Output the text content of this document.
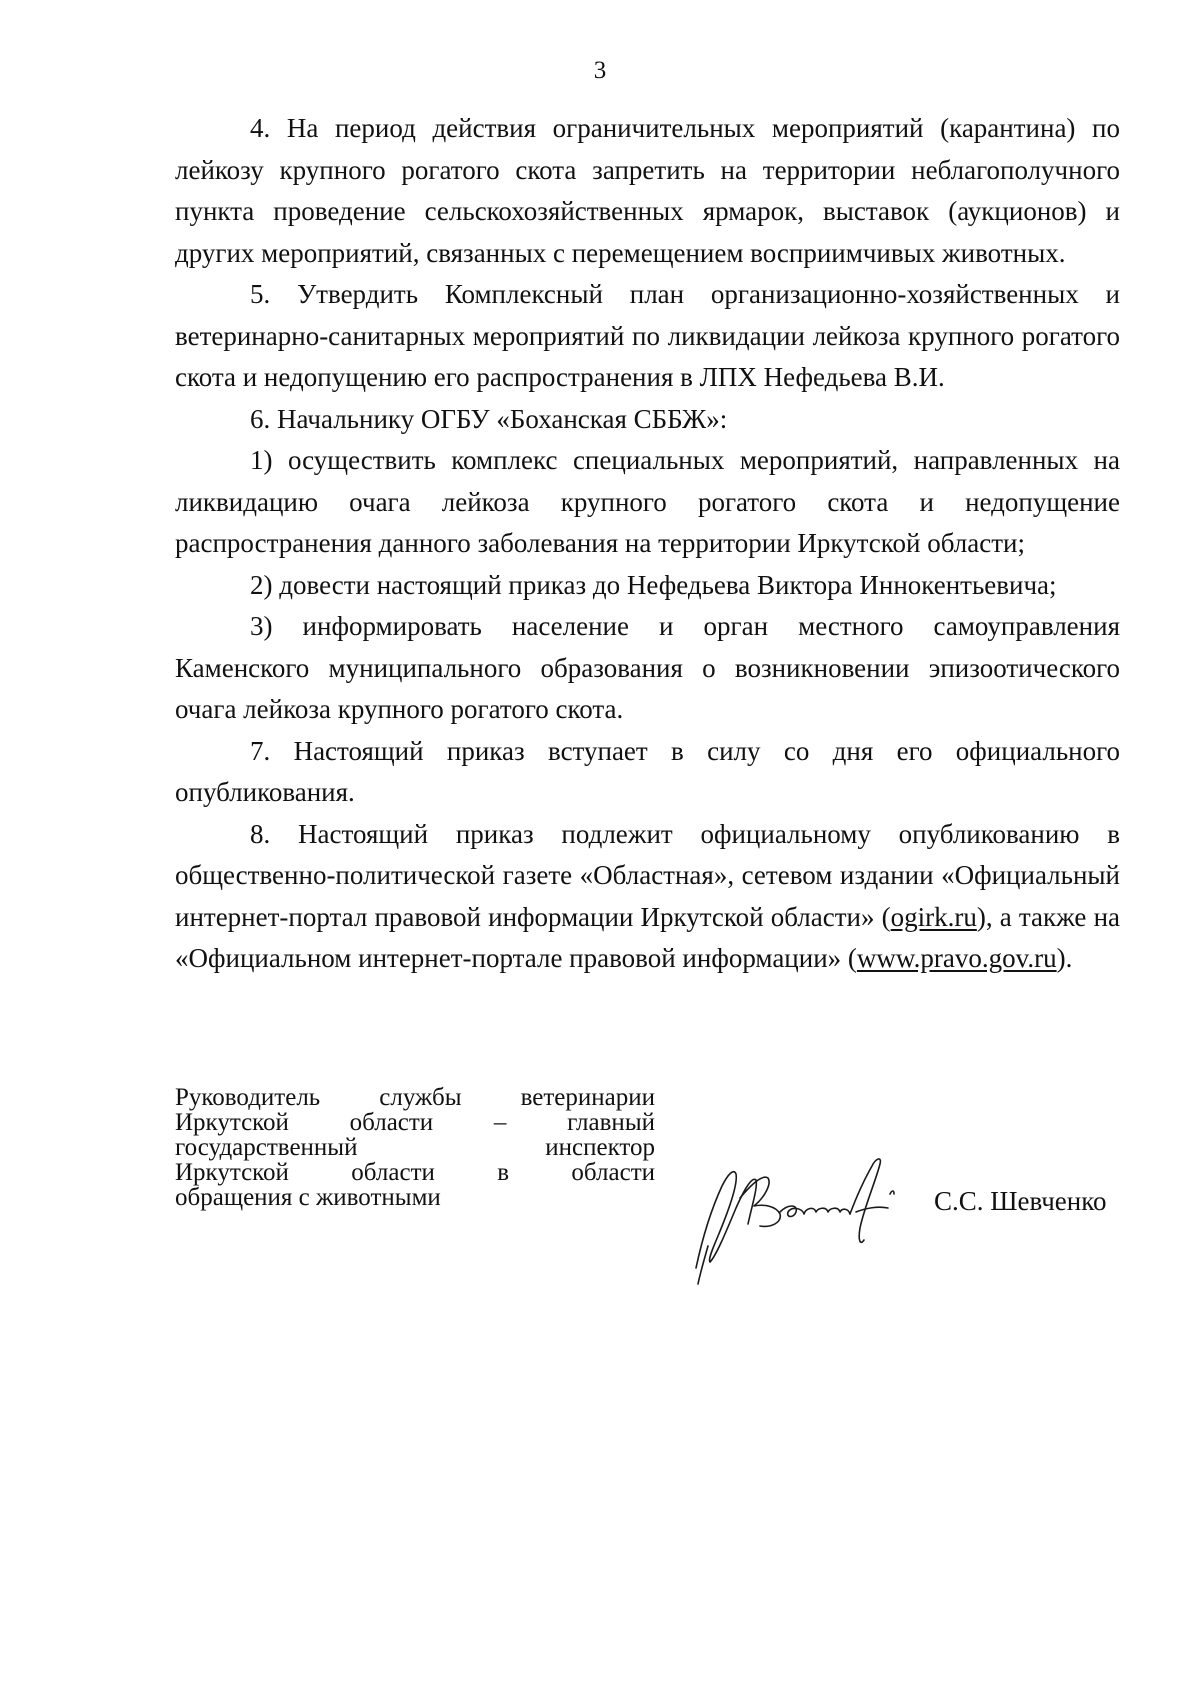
3

4. На период действия ограничительных мероприятий (карантина) по лейкозу крупного рогатого скота запретить на территории неблагополучного пункта проведение сельскохозяйственных ярмарок, выставок (аукционов) и других мероприятий, связанных с перемещением восприимчивых животных.

5. Утвердить Комплексный план организационно-хозяйственных и ветеринарно-санитарных мероприятий по ликвидации лейкоза крупного рогатого скота и недопущению его распространения в ЛПХ Нефедьева В.И.

6. Начальнику ОГБУ «Боханская СББЖ»:

1) осуществить комплекс специальных мероприятий, направленных на ликвидацию очага лейкоза крупного рогатого скота и недопущение распространения данного заболевания на территории Иркутской области;

2) довести настоящий приказ до Нефедьева Виктора Иннокентьевича;

3) информировать население и орган местного самоуправления Каменского муниципального образования о возникновении эпизоотического очага лейкоза крупного рогатого скота.

7. Настоящий приказ вступает в силу со дня его официального опубликования.

8. Настоящий приказ подлежит официальному опубликованию в общественно-политической газете «Областная», сетевом издании «Официальный интернет-портал правовой информации Иркутской области» (ogirk.ru), а также на «Официальном интернет-портале правовой информации» (www.pravo.gov.ru).

Руководитель службы ветеринарии
Иркутской области – главный
государственный инспектор
Иркутской области в области
обращения с животными	С.С. Шевченко
